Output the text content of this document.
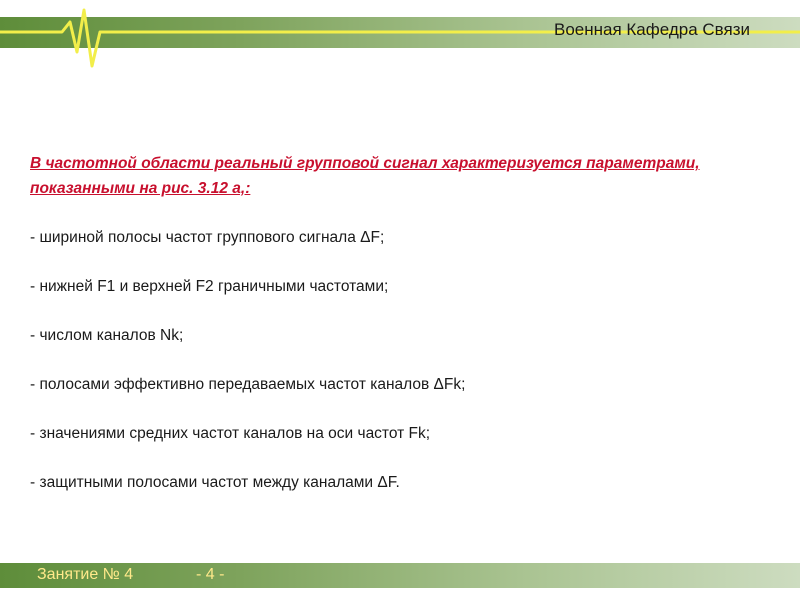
Военная Кафедра Связи

В частотной области реальный групповой сигнал характеризуется параметрами, показанными на рис. 3.12 а,:

- шириной полосы частот группового сигнала ΔF;

- нижней F1 и верхней F2 граничными частотами;

- числом каналов Nk;

- полосами эффективно передаваемых частот каналов ΔFk;

- значениями средних частот каналов на оси частот Fk;

- защитными полосами частот между каналами ΔF.

Занятие № 4	- 4 -
